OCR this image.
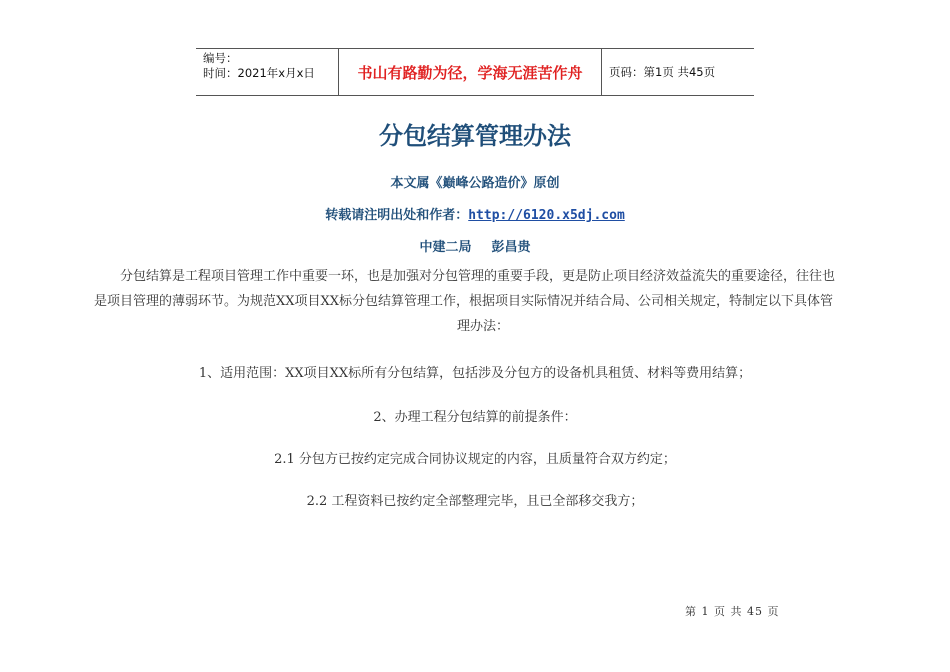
编号：
时间：2021年x月x日	书山有路勤为径，学海无涯苦作舟 页码：第1页 共45页
分包结算管理办法
本文属《巅峰公路造价》原创
转载请注明出处和作者：http://6120.x5dj.com
中建二局 彭昌贵
分包结算是工程项目管理工作中重要一环，也是加强对分包管理的重要手段，更是防止项目经济效益流失的重要途径，往往也
是项目管理的薄弱环节。为规范XX项目XX标分包结算管理工作，根据项目实际情况并结合局、公司相关规定，特制定以下具体管
理办法：
1、适用范围：XX项目XX标所有分包结算，包括涉及分包方的设备机具租赁、材料等费用结算；
2、办理工程分包结算的前提条件：
2.1 分包方已按约定完成合同协议规定的内容，且质量符合双方约定；
2.2 工程资料已按约定全部整理完毕，且已全部移交我方；
第 1 页 共 45 页
